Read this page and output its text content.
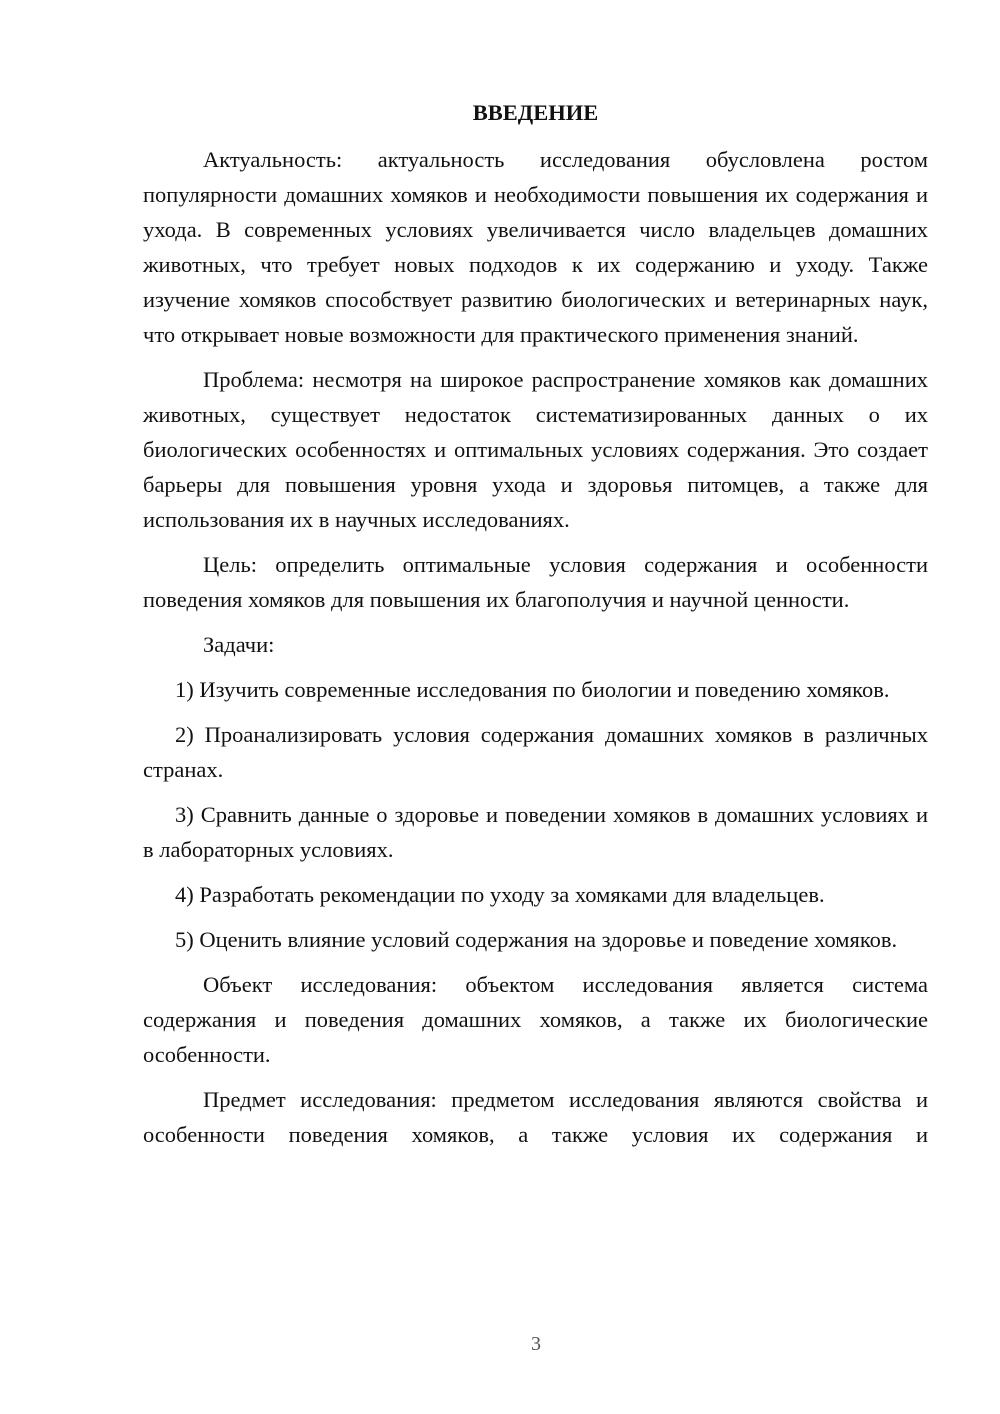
ВВЕДЕНИЕ

Актуальность: актуальность исследования обусловлена ростом популярности домашних хомяков и необходимости повышения их содержания и ухода. В современных условиях увеличивается число владельцев домашних животных, что требует новых подходов к их содержанию и уходу. Также изучение хомяков способствует развитию биологических и ветеринарных наук, что открывает новые возможности для практического применения знаний.

Проблема: несмотря на широкое распространение хомяков как домашних животных, существует недостаток систематизированных данных о их биологических особенностях и оптимальных условиях содержания. Это создает барьеры для повышения уровня ухода и здоровья питомцев, а также для использования их в научных исследованиях.

Цель: определить оптимальные условия содержания и особенности поведения хомяков для повышения их благополучия и научной ценности.

Задачи:

1) Изучить современные исследования по биологии и поведению хомяков.

2) Проанализировать условия содержания домашних хомяков в различных странах.

3) Сравнить данные о здоровье и поведении хомяков в домашних условиях и в лабораторных условиях.

4) Разработать рекомендации по уходу за хомяками для владельцев.

5) Оценить влияние условий содержания на здоровье и поведение хомяков.

Объект исследования: объектом исследования является система содержания и поведения домашних хомяков, а также их биологические особенности.

Предмет исследования: предметом исследования являются свойства и особенности поведения хомяков, а также условия их содержания и

3
